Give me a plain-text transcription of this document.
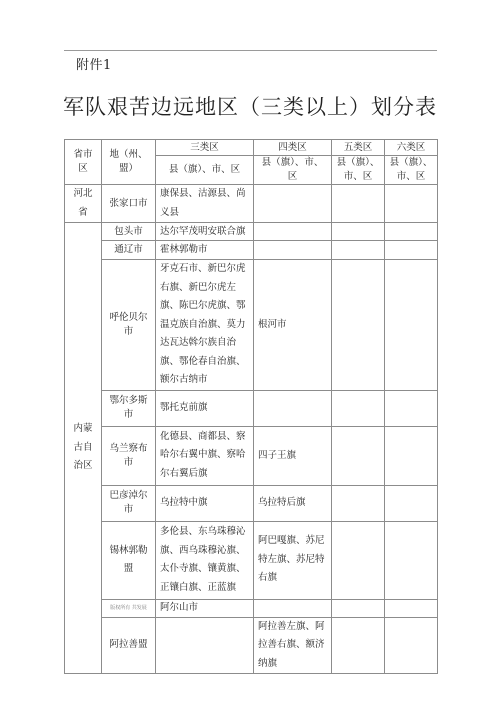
附件1
军队艰苦边远地区（三类以上）划分表
省市区	地（州、盟）	三类区	四类区	五类区	六类区
		县（旗）、市、区	县（旗）、市、区	县（旗）、市、区	县（旗）、市、区
河北省	张家口市	康保县、沽源县、尚义县			
内蒙古自治区	包头市	达尔罕茂明安联合旗			
	通辽市	霍林郭勒市			
	呼伦贝尔市	牙克石市、新巴尔虎右旗、新巴尔虎左旗、陈巴尔虎旗、鄂温克族自治旗、莫力达瓦达斡尔族自治旗、鄂伦春自治旗、额尔古纳市	根河市		
	鄂尔多斯市	鄂托克前旗			
	乌兰察布市	化德县、商都县、察哈尔右翼中旗、察哈尔右翼后旗	四子王旗		
	巴彦淖尔市	乌拉特中旗	乌拉特后旗		
	锡林郭勒盟	多伦县、东乌珠穆沁旗、西乌珠穆沁旗、太仆寺旗、镶黄旗、正镶白旗、正蓝旗	阿巴嘎旗、苏尼特左旗、苏尼特右旗		
	版权所有 共发展	阿尔山市			
	阿拉善盟		阿拉善左旗、阿拉善右旗、额济纳旗		
